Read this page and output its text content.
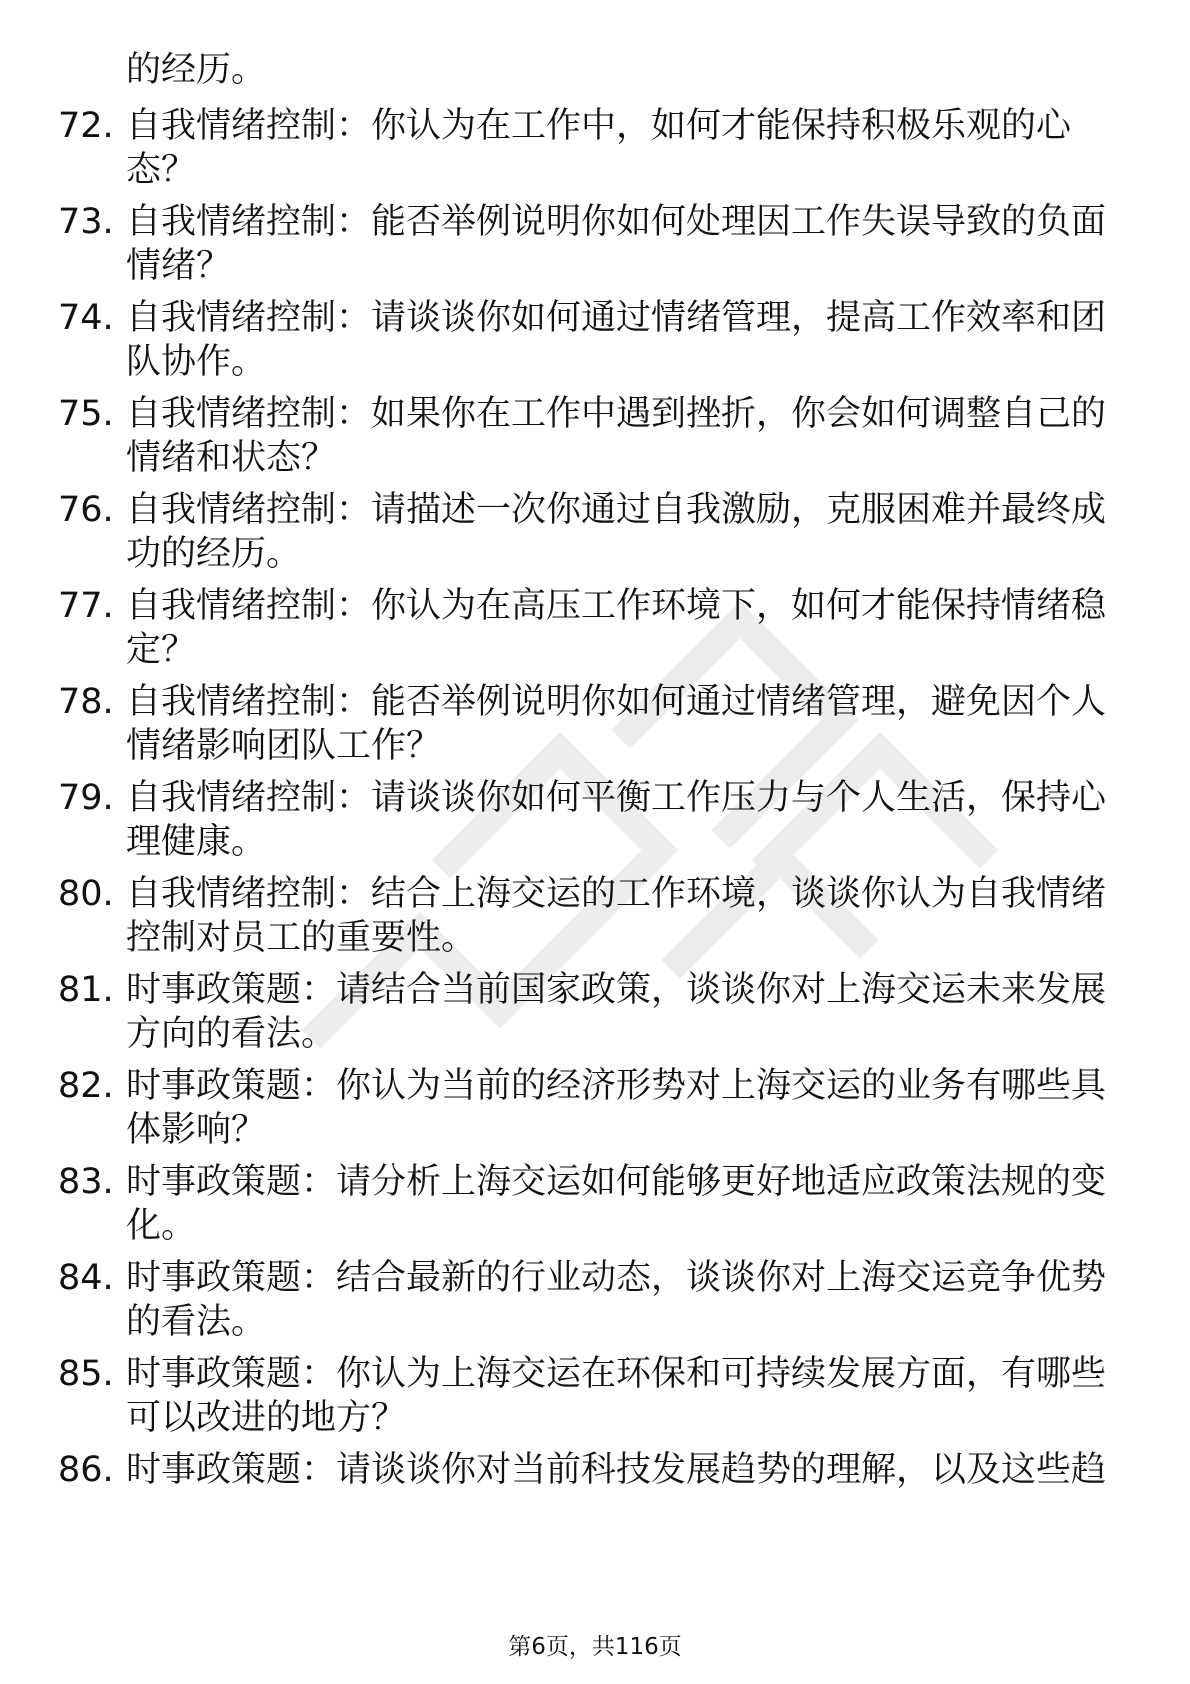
的经历。

72. 自我情绪控制：你认为在工作中，如何才能保持积极乐观的心态？
73. 自我情绪控制：能否举例说明你如何处理因工作失误导致的负面情绪？
74. 自我情绪控制：请谈谈你如何通过情绪管理，提高工作效率和团队协作。
75. 自我情绪控制：如果你在工作中遇到挫折，你会如何调整自己的情绪和状态？
76. 自我情绪控制：请描述一次你通过自我激励，克服困难并最终成功的经历。
77. 自我情绪控制：你认为在高压工作环境下，如何才能保持情绪稳定？
78. 自我情绪控制：能否举例说明你如何通过情绪管理，避免因个人情绪影响团队工作？
79. 自我情绪控制：请谈谈你如何平衡工作压力与个人生活，保持心理健康。
80. 自我情绪控制：结合上海交运的工作环境，谈谈你认为自我情绪控制对员工的重要性。
81. 时事政策题：请结合当前国家政策，谈谈你对上海交运未来发展方向的看法。
82. 时事政策题：你认为当前的经济形势对上海交运的业务有哪些具体影响？
83. 时事政策题：请分析上海交运如何能够更好地适应政策法规的变化。
84. 时事政策题：结合最新的行业动态，谈谈你对上海交运竞争优势的看法。
85. 时事政策题：你认为上海交运在环保和可持续发展方面，有哪些可以改进的地方？
86. 时事政策题：请谈谈你对当前科技发展趋势的理解，以及这些趋
第6页，共116页
